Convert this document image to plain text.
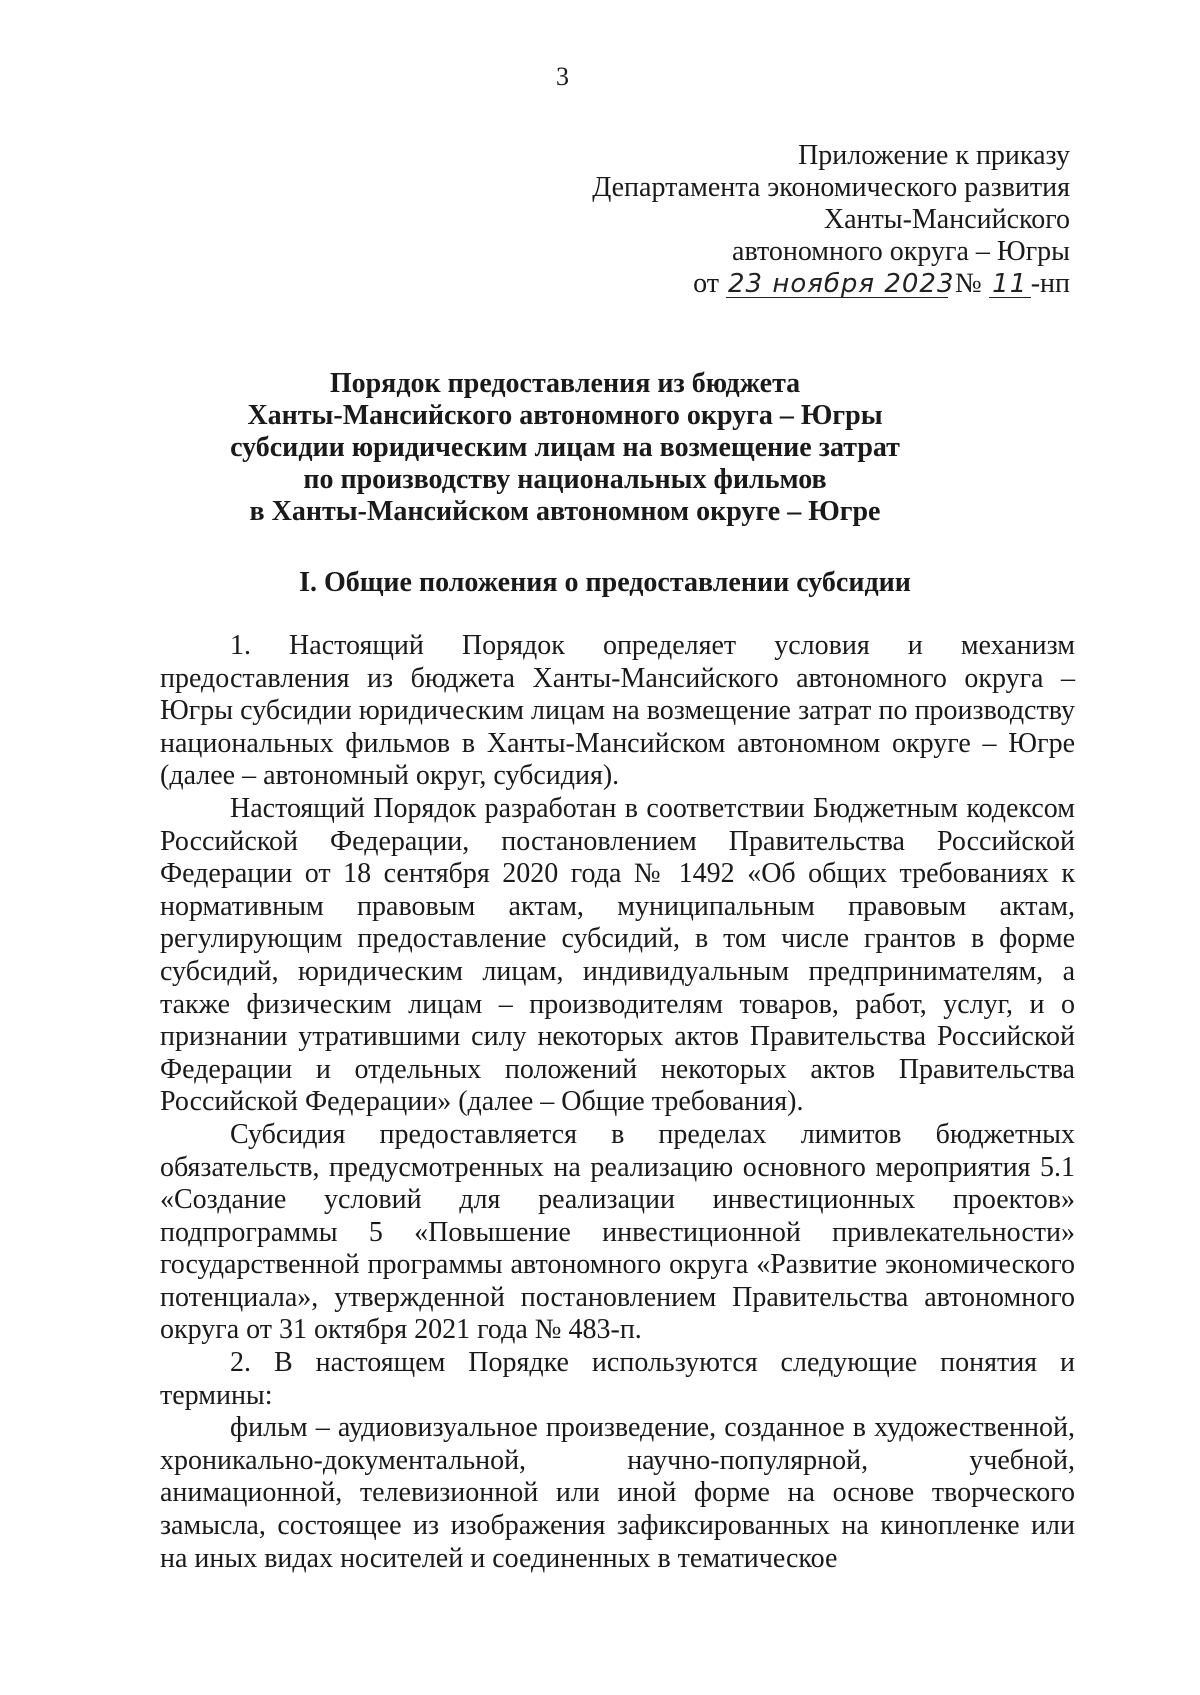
3
Приложение к приказу
Департамента экономического развития
Ханты-Мансийского
автономного округа – Югры
от 23 ноября 2023 № 11 -нп
Порядок предоставления из бюджета
Ханты-Мансийского автономного округа – Югры
субсидии юридическим лицам на возмещение затрат
по производству национальных фильмов
в Ханты-Мансийском автономном округе – Югре
I. Общие положения о предоставлении субсидии

1. Настоящий Порядок определяет условия и механизм предоставления из бюджета Ханты-Мансийского автономного округа – Югры субсидии юридическим лицам на возмещение затрат по производству национальных фильмов в Ханты-Мансийском автономном округе – Югре (далее – автономный округ, субсидия).

Настоящий Порядок разработан в соответствии Бюджетным кодексом Российской Федерации, постановлением Правительства Российской Федерации от 18 сентября 2020 года № 1492 «Об общих требованиях к нормативным правовым актам, муниципальным правовым актам, регулирующим предоставление субсидий, в том числе грантов в форме субсидий, юридическим лицам, индивидуальным предпринимателям, а также физическим лицам – производителям товаров, работ, услуг, и о признании утратившими силу некоторых актов Правительства Российской Федерации и отдельных положений некоторых актов Правительства Российской Федерации» (далее – Общие требования).

Субсидия предоставляется в пределах лимитов бюджетных обязательств, предусмотренных на реализацию основного мероприятия 5.1 «Создание условий для реализации инвестиционных проектов» подпрограммы 5 «Повышение инвестиционной привлекательности» государственной программы автономного округа «Развитие экономического потенциала», утвержденной постановлением Правительства автономного округа от 31 октября 2021 года № 483-п.

2. В настоящем Порядке используются следующие понятия и термины:

фильм – аудиовизуальное произведение, созданное в художественной, хроникально-документальной, научно-популярной, учебной, анимационной, телевизионной или иной форме на основе творческого замысла, состоящее из изображения зафиксированных на кинопленке или на иных видах носителей и соединенных в тематическое
